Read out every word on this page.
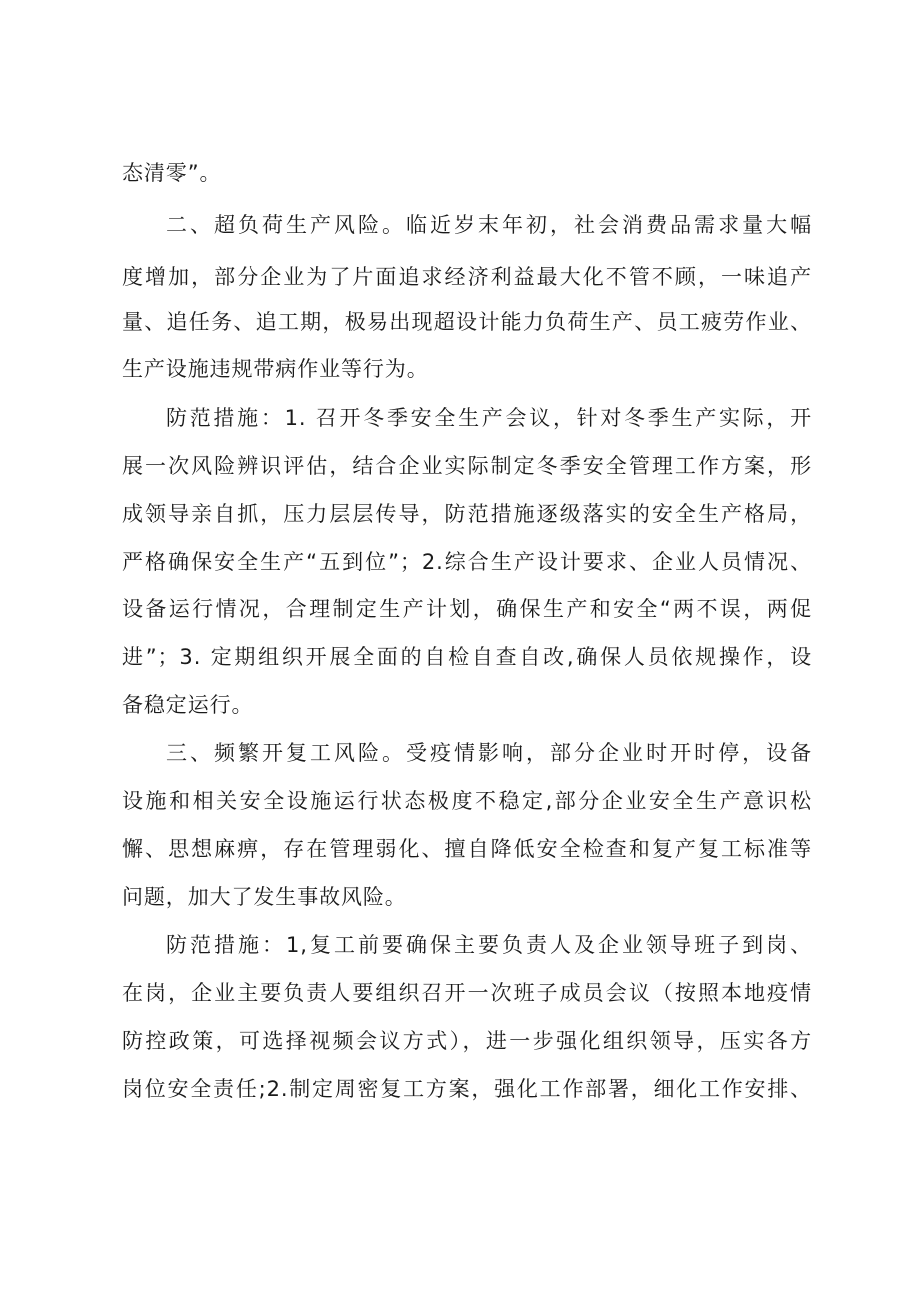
态清零”。

二、超负荷生产风险。临近岁末年初，社会消费品需求量大幅

度增加，部分企业为了片面追求经济利益最大化不管不顾，一味追产

量、追任务、追工期，极易出现超设计能力负荷生产、员工疲劳作业、

生产设施违规带病作业等行为。

防范措施：1. 召开冬季安全生产会议，针对冬季生产实际，开

展一次风险辨识评估，结合企业实际制定冬季安全管理工作方案，形

成领导亲自抓，压力层层传导，防范措施逐级落实的安全生产格局，

严格确保安全生产“五到位”；2.综合生产设计要求、企业人员情况、

设备运行情况，合理制定生产计划，确保生产和安全“两不误，两促

进”；3. 定期组织开展全面的自检自查自改,确保人员依规操作，设

备稳定运行。

三、频繁开复工风险。受疫情影响，部分企业时开时停，设备

设施和相关安全设施运行状态极度不稳定,部分企业安全生产意识松

懈、思想麻痹，存在管理弱化、擅自降低安全检查和复产复工标准等

问题，加大了发生事故风险。

防范措施：1,复工前要确保主要负责人及企业领导班子到岗、

在岗，企业主要负责人要组织召开一次班子成员会议（按照本地疫情

防控政策，可选择视频会议方式），进一步强化组织领导，压实各方

岗位安全责任;2.制定周密复工方案，强化工作部署，细化工作安排、
